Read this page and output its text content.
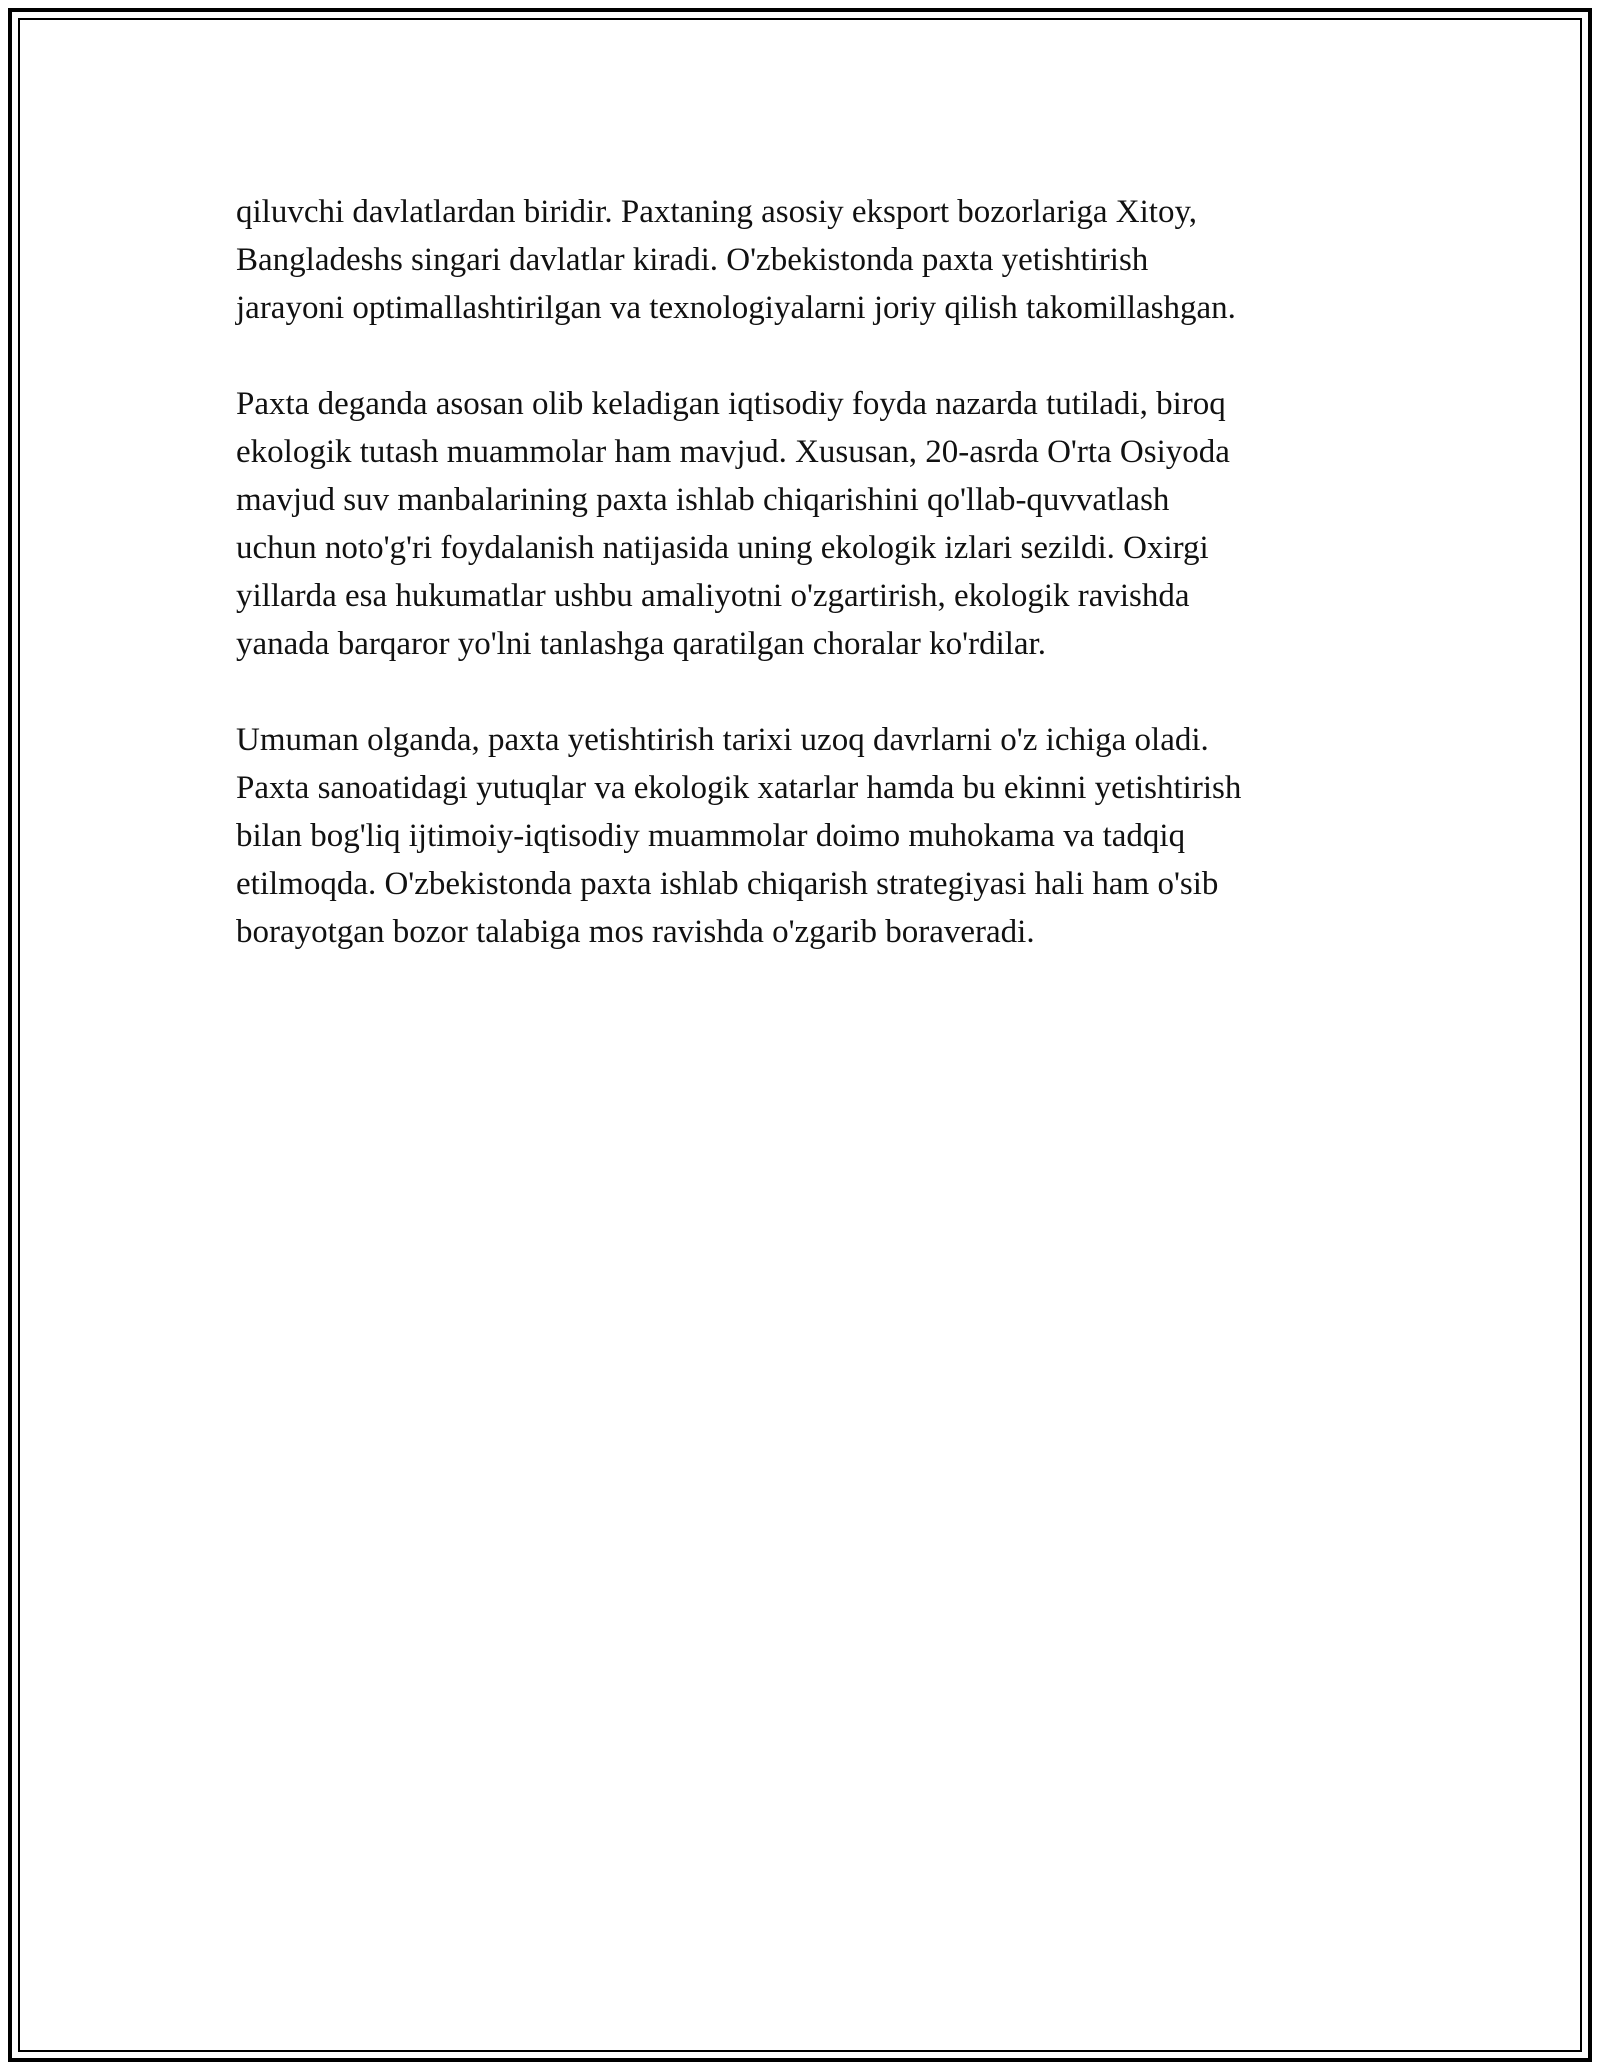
qiluvchi davlatlardan biridir. Paxtaning asosiy eksport bozorlariga Xitoy,
Bangladeshs singari davlatlar kiradi. O'zbekistonda paxta yetishtirish
jarayoni optimallashtirilgan va texnologiyalarni joriy qilish takomillashgan.
Paxta deganda asosan olib keladigan iqtisodiy foyda nazarda tutiladi, biroq
ekologik tutash muammolar ham mavjud. Xususan, 20-asrda O'rta Osiyoda
mavjud suv manbalarining paxta ishlab chiqarishini qo'llab-quvvatlash
uchun noto'g'ri foydalanish natijasida uning ekologik izlari sezildi. Oxirgi
yillarda esa hukumatlar ushbu amaliyotni o'zgartirish, ekologik ravishda
yanada barqaror yo'lni tanlashga qaratilgan choralar ko'rdilar.
Umuman olganda, paxta yetishtirish tarixi uzoq davrlarni o'z ichiga oladi.
Paxta sanoatidagi yutuqlar va ekologik xatarlar hamda bu ekinni yetishtirish
bilan bog'liq ijtimoiy-iqtisodiy muammolar doimo muhokama va tadqiq
etilmoqda. O'zbekistonda paxta ishlab chiqarish strategiyasi hali ham o'sib
borayotgan bozor talabiga mos ravishda o'zgarib boraveradi.
